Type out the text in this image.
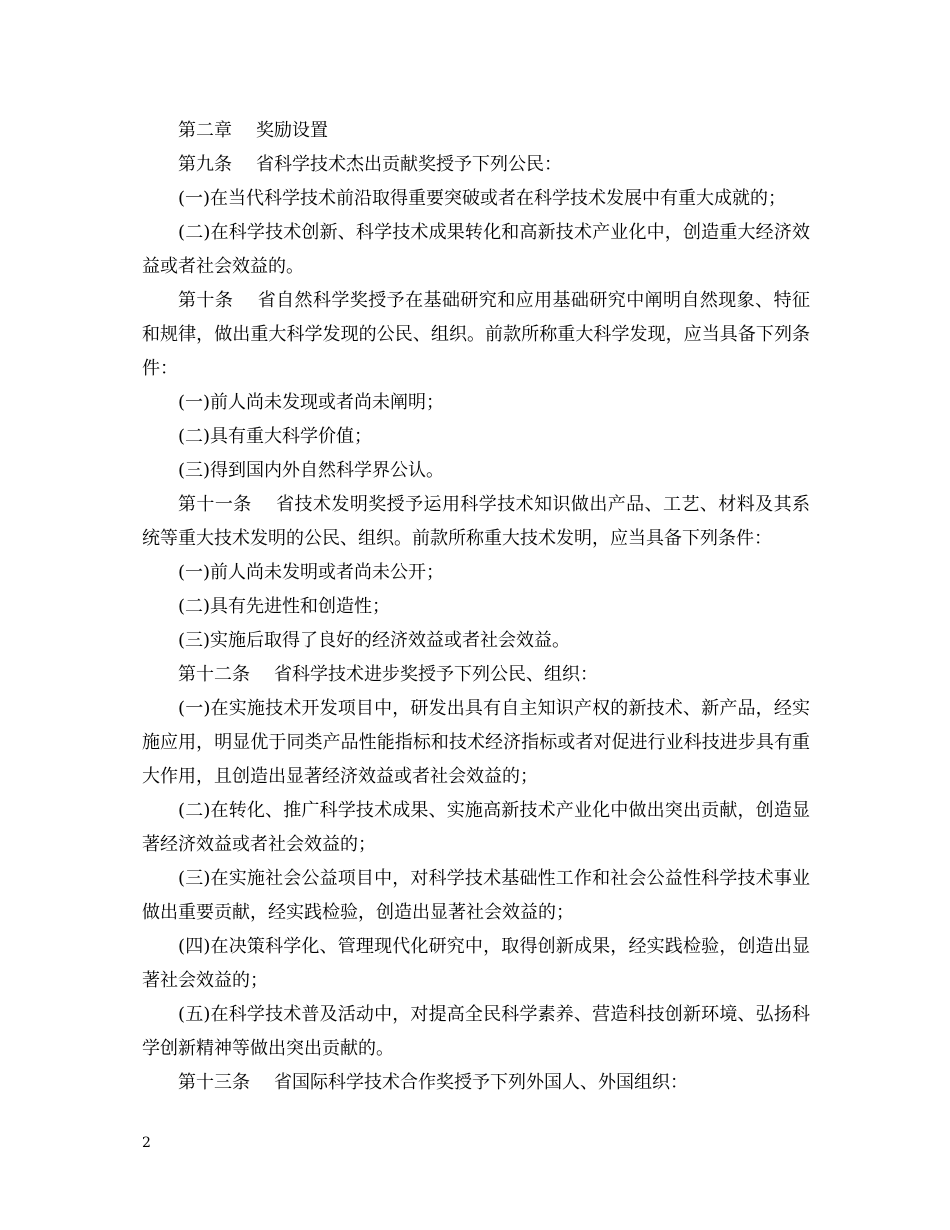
第二章 奖励设置

第九条 省科学技术杰出贡献奖授予下列公民：

(一)在当代科学技术前沿取得重要突破或者在科学技术发展中有重大成就的；

(二)在科学技术创新、科学技术成果转化和高新技术产业化中，创造重大经济效益或者社会效益的。

第十条 省自然科学奖授予在基础研究和应用基础研究中阐明自然现象、特征和规律，做出重大科学发现的公民、组织。前款所称重大科学发现，应当具备下列条件：

(一)前人尚未发现或者尚未阐明；

(二)具有重大科学价值；

(三)得到国内外自然科学界公认。

第十一条 省技术发明奖授予运用科学技术知识做出产品、工艺、材料及其系统等重大技术发明的公民、组织。前款所称重大技术发明，应当具备下列条件：

(一)前人尚未发明或者尚未公开；

(二)具有先进性和创造性；

(三)实施后取得了良好的经济效益或者社会效益。

第十二条 省科学技术进步奖授予下列公民、组织：

(一)在实施技术开发项目中，研发出具有自主知识产权的新技术、新产品，经实施应用，明显优于同类产品性能指标和技术经济指标或者对促进行业科技进步具有重大作用，且创造出显著经济效益或者社会效益的；

(二)在转化、推广科学技术成果、实施高新技术产业化中做出突出贡献，创造显著经济效益或者社会效益的；

(三)在实施社会公益项目中，对科学技术基础性工作和社会公益性科学技术事业做出重要贡献，经实践检验，创造出显著社会效益的；

(四)在决策科学化、管理现代化研究中，取得创新成果，经实践检验，创造出显著社会效益的；

(五)在科学技术普及活动中，对提高全民科学素养、营造科技创新环境、弘扬科学创新精神等做出突出贡献的。

第十三条 省国际科学技术合作奖授予下列外国人、外国组织：

2
